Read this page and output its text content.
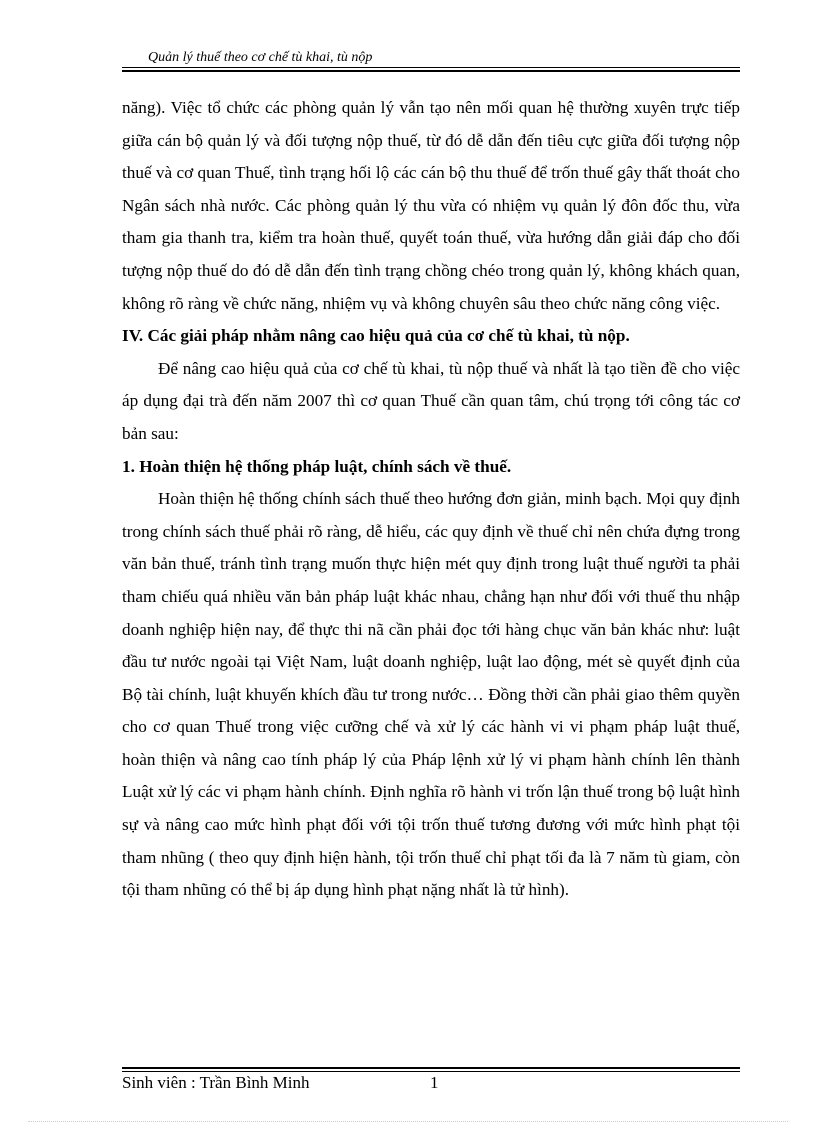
Quản lý thuế theo cơ chế tù khai, tù nộp

năng). Việc tổ chức các phòng quản lý vẫn tạo nên mối quan hệ thường xuyên trực tiếp giữa cán bộ quản lý và đối tượng nộp thuế, từ đó dễ dẫn đến tiêu cực giữa đối tượng nộp thuế và cơ quan Thuế, tình trạng hối lộ các cán bộ thu thuế để trốn thuế gây thất thoát cho Ngân sách nhà nước. Các phòng quản lý thu vừa có nhiệm vụ quản lý đôn đốc thu, vừa tham gia thanh tra, kiểm tra hoàn thuế, quyết toán thuế, vừa hướng dẫn giải đáp cho đối tượng nộp thuế do đó dễ dẫn đến tình trạng chồng chéo trong quản lý, không khách quan, không rõ ràng về chức năng, nhiệm vụ và không chuyên sâu theo chức năng công việc.

IV. Các giải pháp nhằm nâng cao hiệu quả của cơ chế tù khai, tù nộp.

Để nâng cao hiệu quả của cơ chế tù khai, tù nộp thuế và nhất là tạo tiền đề cho việc áp dụng đại trà đến năm 2007 thì cơ quan Thuế cần quan tâm, chú trọng tới công tác cơ bản sau:

1. Hoàn thiện hệ thống pháp luật, chính sách về thuế.

Hoàn thiện hệ thống chính sách thuế theo hướng đơn giản, minh bạch. Mọi quy định trong chính sách thuế phải rõ ràng, dễ hiểu, các quy định về thuế chỉ nên chứa đựng trong văn bản thuế, tránh tình trạng muốn thực hiện mét quy định trong luật thuế người ta phải tham chiếu quá nhiều văn bản pháp luật khác nhau, chẳng hạn như đối với thuế thu nhập doanh nghiệp hiện nay, để thực thi nã cần phải đọc tới hàng chục văn bản khác như: luật đầu tư nước ngoài tại Việt Nam, luật doanh nghiệp, luật lao động, mét sè quyết định của Bộ tài chính, luật khuyến khích đầu tư trong nước… Đồng thời cần phải giao thêm quyền cho cơ quan Thuế trong việc cưỡng chế và xử lý các hành vi vi phạm pháp luật thuế, hoàn thiện và nâng cao tính pháp lý của Pháp lệnh xử lý vi phạm hành chính lên thành Luật xử lý các vi phạm hành chính. Định nghĩa rõ hành vi trốn lận thuế trong bộ luật hình sự và nâng cao mức hình phạt đối với tội trốn thuế tương đương với mức hình phạt tội tham nhũng ( theo quy định hiện hành, tội trốn thuế chỉ phạt tối đa là 7 năm tù giam, còn tội tham nhũng có thể bị áp dụng hình phạt nặng nhất là tử hình).

Sinh viên : Trần Bình Minh	1
